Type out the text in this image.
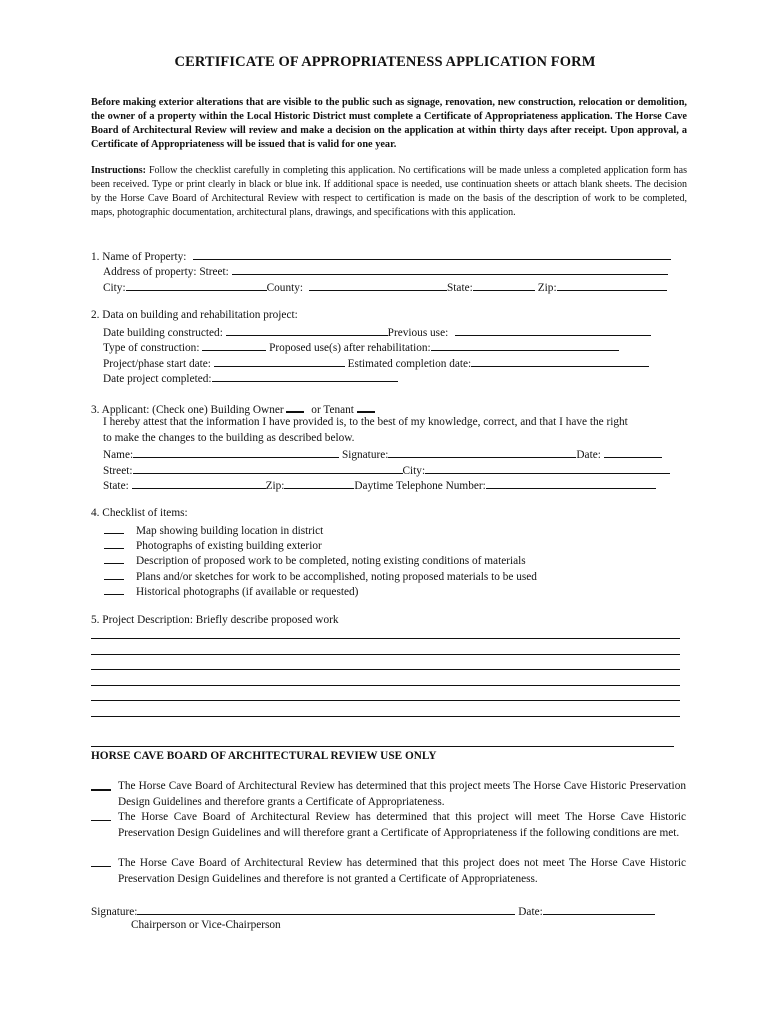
CERTIFICATE OF APPROPRIATENESS APPLICATION FORM
Before making exterior alterations that are visible to the public such as signage, renovation, new construction, relocation or demolition, the owner of a property within the Local Historic District must complete a Certificate of Appropriateness application. The Horse Cave Board of Architectural Review will review and make a decision on the application at within thirty days after receipt. Upon approval, a Certificate of Appropriateness will be issued that is valid for one year.
Instructions: Follow the checklist carefully in completing this application. No certifications will be made unless a completed application form has been received. Type or print clearly in black or blue ink. If additional space is needed, use continuation sheets or attach blank sheets. The decision by the Horse Cave Board of Architectural Review with respect to certification is made on the basis of the description of work to be completed, maps, photographic documentation, architectural plans, drawings, and specifications with this application.
1. Name of Property:
Address of property: Street:
City:	County:	State:	Zip:
2. Data on building and rehabilitation project:
Date building constructed:	Previous use:
Type of construction:	Proposed use(s) after rehabilitation:
Project/phase start date:	Estimated completion date:
Date project completed:
3. Applicant: (Check one) Building Owner or Tenant
I hereby attest that the information I have provided is, to the best of my knowledge, correct, and that I have the right
to make the changes to the building as described below.
Name:	Signature:	Date:
Street:	City:
State:	Zip:	Daytime Telephone Number:
4. Checklist of items:
Map showing building location in district
Photographs of existing building exterior
Description of proposed work to be completed, noting existing conditions of materials
Plans and/or sketches for work to be accomplished, noting proposed materials to be used
Historical photographs (if available or requested)
5. Project Description: Briefly describe proposed work
HORSE CAVE BOARD OF ARCHITECTURAL REVIEW USE ONLY
The Horse Cave Board of Architectural Review has determined that this project meets The Horse Cave Historic Preservation Design Guidelines and therefore grants a Certificate of Appropriateness.
The Horse Cave Board of Architectural Review has determined that this project will meet The Horse Cave Historic Preservation Design Guidelines and will therefore grant a Certificate of Appropriateness if the following conditions are met.
The Horse Cave Board of Architectural Review has determined that this project does not meet The Horse Cave Historic Preservation Design Guidelines and therefore is not granted a Certificate of Appropriateness.
Signature:	Date:
Chairperson or Vice-Chairperson
